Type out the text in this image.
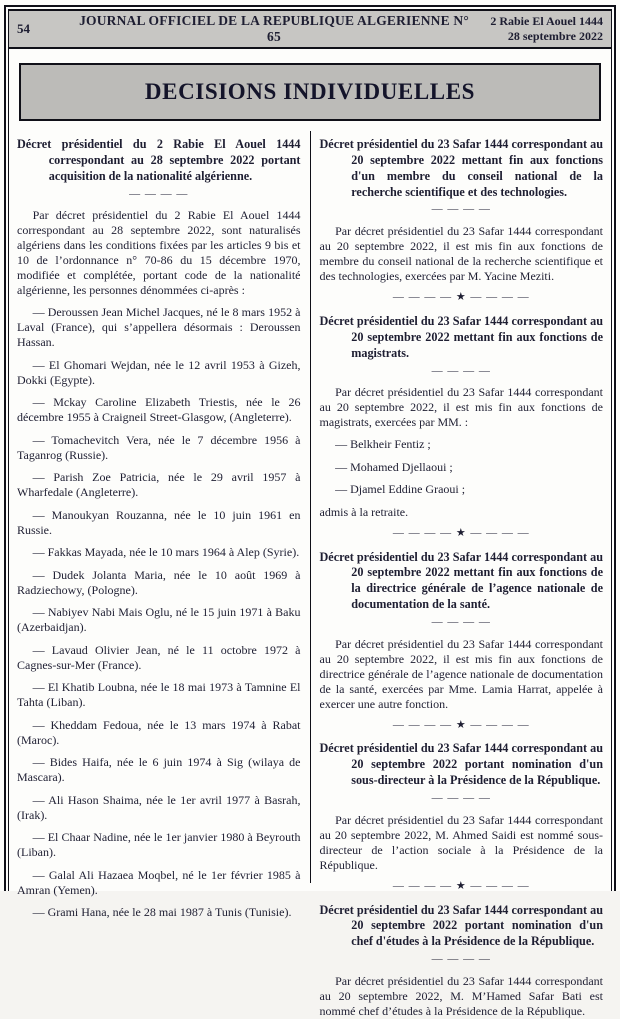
54
JOURNAL OFFICIEL DE LA REPUBLIQUE ALGERIENNE N° 65
2 Rabie El Aouel 1444
28 septembre 2022
DECISIONS INDIVIDUELLES

Décret présidentiel du 2 Rabie El Aouel 1444 correspondant au 28 septembre 2022 portant acquisition de la nationalité algérienne.

— — — —

Par décret présidentiel du 2 Rabie El Aouel 1444 correspondant au 28 septembre 2022, sont naturalisés algériens dans les conditions fixées par les articles 9 bis et 10 de l’ordonnance n° 70-86 du 15 décembre 1970, modifiée et complétée, portant code de la nationalité algérienne, les personnes dénommées ci-après :

— Deroussen Jean Michel Jacques, né le 8 mars 1952 à Laval (France), qui s’appellera désormais : Deroussen Hassan.

— El Ghomari Wejdan, née le 12 avril 1953 à Gizeh, Dokki (Egypte).

— Mckay Caroline Elizabeth Triestis, née le 26 décembre 1955 à Craigneil Street-Glasgow, (Angleterre).

— Tomachevitch Vera, née le 7 décembre 1956 à Taganrog (Russie).

— Parish Zoe Patricia, née le 29 avril 1957 à Wharfedale (Angleterre).

— Manoukyan Rouzanna, née le 10 juin 1961 en Russie.

— Fakkas Mayada, née le 10 mars 1964 à Alep (Syrie).

— Dudek Jolanta Maria, née le 10 août 1969 à Radziechowy, (Pologne).

— Nabiyev Nabi Mais Oglu, né le 15 juin 1971 à Baku (Azerbaidjan).

— Lavaud Olivier Jean, né le 11 octobre 1972 à Cagnes-sur-Mer (France).

— El Khatib Loubna, née le 18 mai 1973 à Tamnine El Tahta (Liban).

— Kheddam Fedoua, née le 13 mars 1974 à Rabat (Maroc).

— Bides Haifa, née le 6 juin 1974 à Sig (wilaya de Mascara).

— Ali Hason Shaima, née le 1er avril 1977 à Basrah, (Irak).

— El Chaar Nadine, née le 1er janvier 1980 à Beyrouth (Liban).

— Galal Ali Hazaea Moqbel, né le 1er février 1985 à Amran (Yemen).

— Grami Hana, née le 28 mai 1987 à Tunis (Tunisie).

Décret présidentiel du 23 Safar 1444 correspondant au 20 septembre 2022 mettant fin aux fonctions d'un membre du conseil national de la recherche scientifique et des technologies.

— — — —

Par décret présidentiel du 23 Safar 1444 correspondant au 20 septembre 2022, il est mis fin aux fonctions de membre du conseil national de la recherche scientifique et des technologies, exercées par M. Yacine Meziti.

— — — — ★ — — — —

Décret présidentiel du 23 Safar 1444 correspondant au 20 septembre 2022 mettant fin aux fonctions de magistrats.

— — — —

Par décret présidentiel du 23 Safar 1444 correspondant au 20 septembre 2022, il est mis fin aux fonctions de magistrats, exercées par MM. :

— Belkheir Fentiz ;

— Mohamed Djellaoui ;

— Djamel Eddine Graoui ;

admis à la retraite.

— — — — ★ — — — —

Décret présidentiel du 23 Safar 1444 correspondant au 20 septembre 2022 mettant fin aux fonctions de la directrice générale de l’agence nationale de documentation de la santé.

— — — —

Par décret présidentiel du 23 Safar 1444 correspondant au 20 septembre 2022, il est mis fin aux fonctions de directrice générale de l’agence nationale de documentation de la santé, exercées par Mme. Lamia Harrat, appelée à exercer une autre fonction.

— — — — ★ — — — —

Décret présidentiel du 23 Safar 1444 correspondant au 20 septembre 2022 portant nomination d'un sous-directeur à la Présidence de la République.

— — — —

Par décret présidentiel du 23 Safar 1444 correspondant au 20 septembre 2022, M. Ahmed Saidi est nommé sous-directeur de l’action sociale à la Présidence de la République.

— — — — ★ — — — —

Décret présidentiel du 23 Safar 1444 correspondant au 20 septembre 2022 portant nomination d'un chef d'études à la Présidence de la République.

— — — —

Par décret présidentiel du 23 Safar 1444 correspondant au 20 septembre 2022, M. M’Hamed Safar Bati est nommé chef d’études à la Présidence de la République.
